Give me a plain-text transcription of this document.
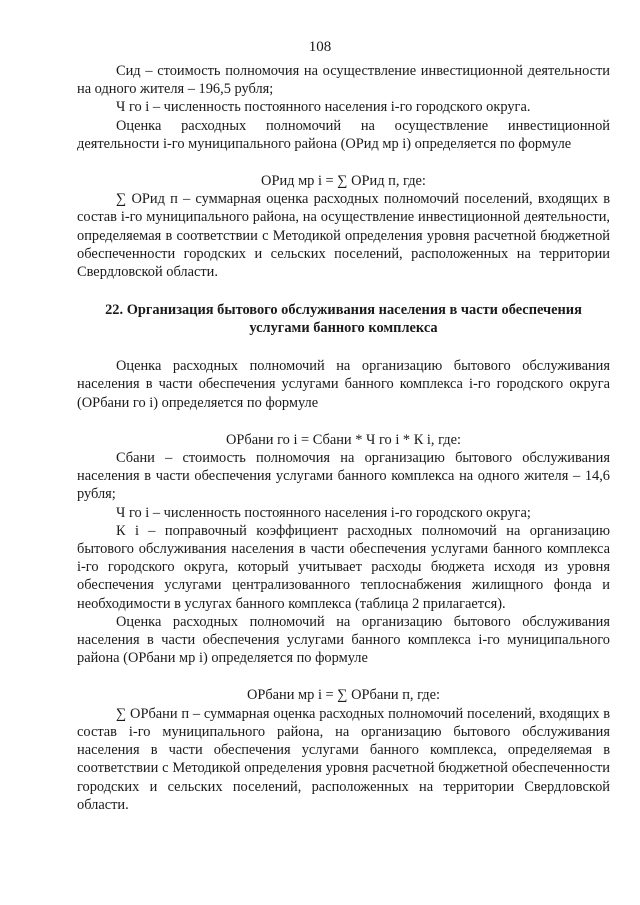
108

Сид – стоимость полномочия на осуществление инвестиционной деятельности на одного жителя – 196,5 рубля;

Ч го i – численность постоянного населения i-го городского округа.

Оценка расходных полномочий на осуществление инвестиционной деятельности i-го муниципального района (ОРид мр i) определяется по формуле

ОРид мр i = ∑ ОРид п, где:

∑ ОРид п – суммарная оценка расходных полномочий поселений, входящих в состав i-го муниципального района, на осуществление инвестиционной деятельности, определяемая в соответствии с Методикой определения уровня расчетной бюджетной обеспеченности городских и сельских поселений, расположенных на территории Свердловской области.

22. Организация бытового обслуживания населения в части обеспечения услугами банного комплекса

Оценка расходных полномочий на организацию бытового обслуживания населения в части обеспечения услугами банного комплекса i-го городского округа (ОРбани го i) определяется по формуле

ОРбани го i = Сбани * Ч го i * К i, где:

Сбани – стоимость полномочия на организацию бытового обслуживания населения в части обеспечения услугами банного комплекса на одного жителя – 14,6 рубля;

Ч го i – численность постоянного населения i-го городского округа;

К i – поправочный коэффициент расходных полномочий на организацию бытового обслуживания населения в части обеспечения услугами банного комплекса i-го городского округа, который учитывает расходы бюджета исходя из уровня обеспечения услугами централизованного теплоснабжения жилищного фонда и необходимости в услугах банного комплекса (таблица 2 прилагается).

Оценка расходных полномочий на организацию бытового обслуживания населения в части обеспечения услугами банного комплекса i-го муниципального района (ОРбани мр i) определяется по формуле

ОРбани мр i = ∑ ОРбани п, где:

∑ ОРбани п – суммарная оценка расходных полномочий поселений, входящих в состав i-го муниципального района, на организацию бытового обслуживания населения в части обеспечения услугами банного комплекса, определяемая в соответствии с Методикой определения уровня расчетной бюджетной обеспеченности городских и сельских поселений, расположенных на территории Свердловской области.
